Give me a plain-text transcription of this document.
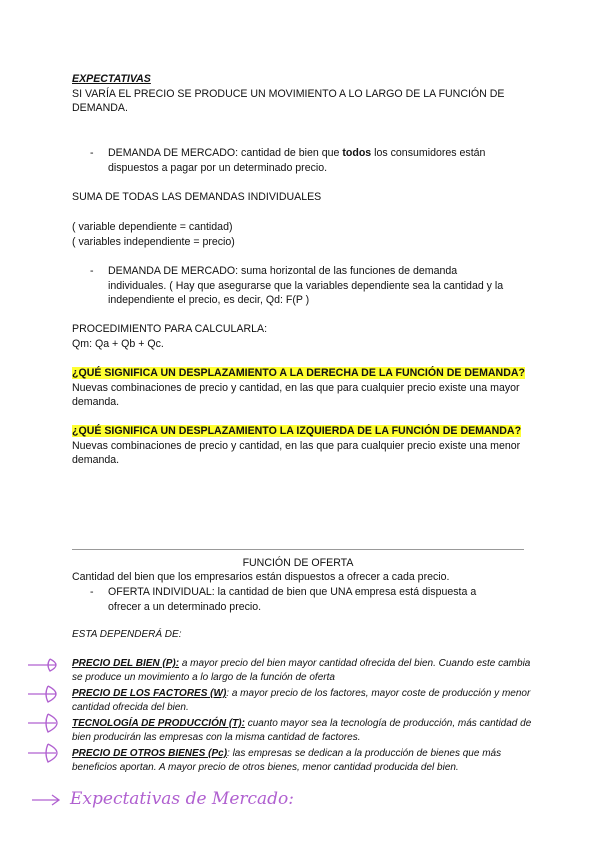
EXPECTATIVAS
SI VARÍA EL PRECIO SE PRODUCE UN MOVIMIENTO A LO LARGO DE LA FUNCIÓN DE DEMANDA.
- DEMANDA DE MERCADO: cantidad de bien que todos los consumidores están dispuestos a pagar por un determinado precio.
SUMA DE TODAS LAS DEMANDAS INDIVIDUALES
( variable dependiente = cantidad)
( variables independiente = precio)
- DEMANDA DE MERCADO: suma horizontal de las funciones de demanda individuales. ( Hay que asegurarse que la variables dependiente sea la cantidad y la independiente el precio, es decir, Qd: F(P )
PROCEDIMIENTO PARA CALCULARLA:
Qm: Qa + Qb + Qc.
¿QUÉ SIGNIFICA UN DESPLAZAMIENTO A LA DERECHA DE LA FUNCIÓN DE DEMANDA?
Nuevas combinaciones de precio y cantidad, en las que para cualquier precio existe una mayor demanda.
¿QUÉ SIGNIFICA UN DESPLAZAMIENTO LA IZQUIERDA DE LA FUNCIÓN DE DEMANDA?
Nuevas combinaciones de precio y cantidad, en las que para cualquier precio existe una menor demanda.
FUNCIÓN DE OFERTA
Cantidad del bien que los empresarios están dispuestos a ofrecer a cada precio.
- OFERTA INDIVIDUAL: la cantidad de bien que UNA empresa está dispuesta a ofrecer a un determinado precio.
ESTA DEPENDERÁ DE:
PRECIO DEL BIEN (P): a mayor precio del bien mayor cantidad ofrecida del bien. Cuando este cambia se produce un movimiento a lo largo de la función de oferta
PRECIO DE LOS FACTORES (W): a mayor precio de los factores, mayor coste de producción y menor cantidad ofrecida del bien.
TECNOLOGÍA DE PRODUCCIÓN (T): cuanto mayor sea la tecnología de producción, más cantidad de bien producirán las empresas con la misma cantidad de factores.
PRECIO DE OTROS BIENES (Pc): las empresas se dedican a la producción de bienes que más beneficios aportan. A mayor precio de otros bienes, menor cantidad producida del bien.
Expectativas de Mercado:
